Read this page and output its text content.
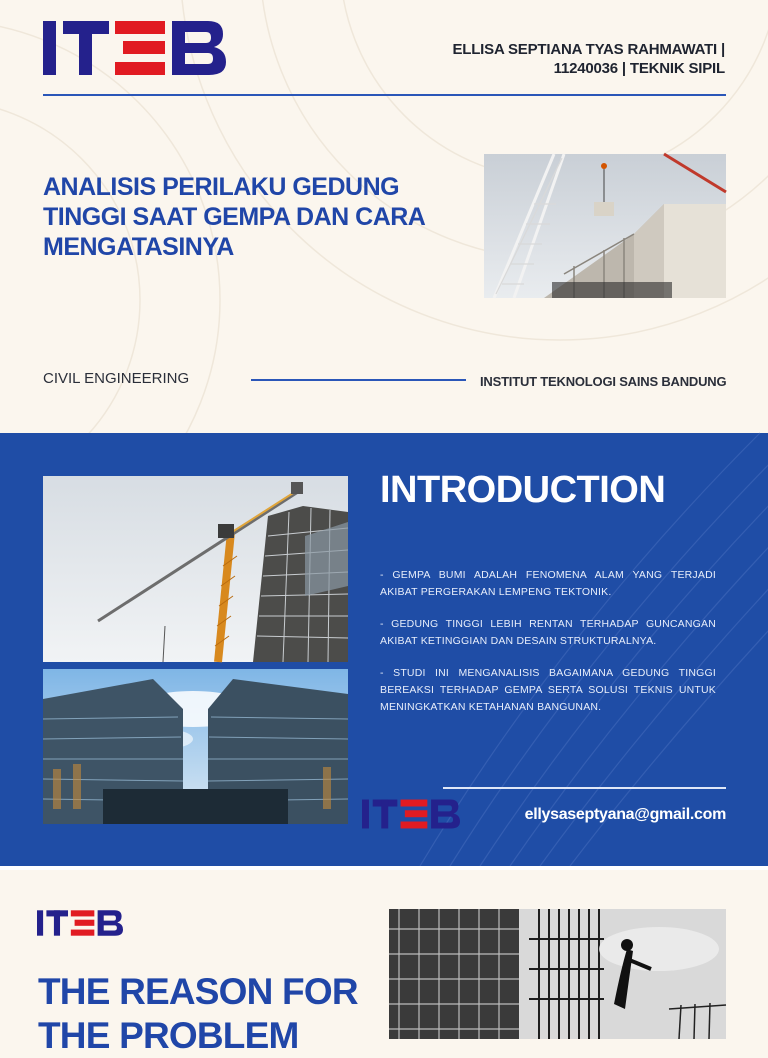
ELLISA SEPTIANA TYAS RAHMAWATI | 11240036 | TEKNIK SIPIL
ANALISIS PERILAKU GEDUNG TINGGI SAAT GEMPA DAN CARA MENGATASINYA
CIVIL ENGINEERING	INSTITUT TEKNOLOGI SAINS BANDUNG
INTRODUCTION

- GEMPA BUMI ADALAH FENOMENA ALAM YANG TERJADI AKIBAT PERGERAKAN LEMPENG TEKTONIK.

- GEDUNG TINGGI LEBIH RENTAN TERHADAP GUNCANGAN AKIBAT KETINGGIAN DAN DESAIN STRUKTURALNYA.

- STUDI INI MENGANALISIS BAGAIMANA GEDUNG TINGGI BEREAKSI TERHADAP GEMPA SERTA SOLUSI TEKNIS UNTUK MENINGKATKAN KETAHANAN BANGUNAN.

ellysaseptyana@gmail.com
THE REASON FOR THE PROBLEM
